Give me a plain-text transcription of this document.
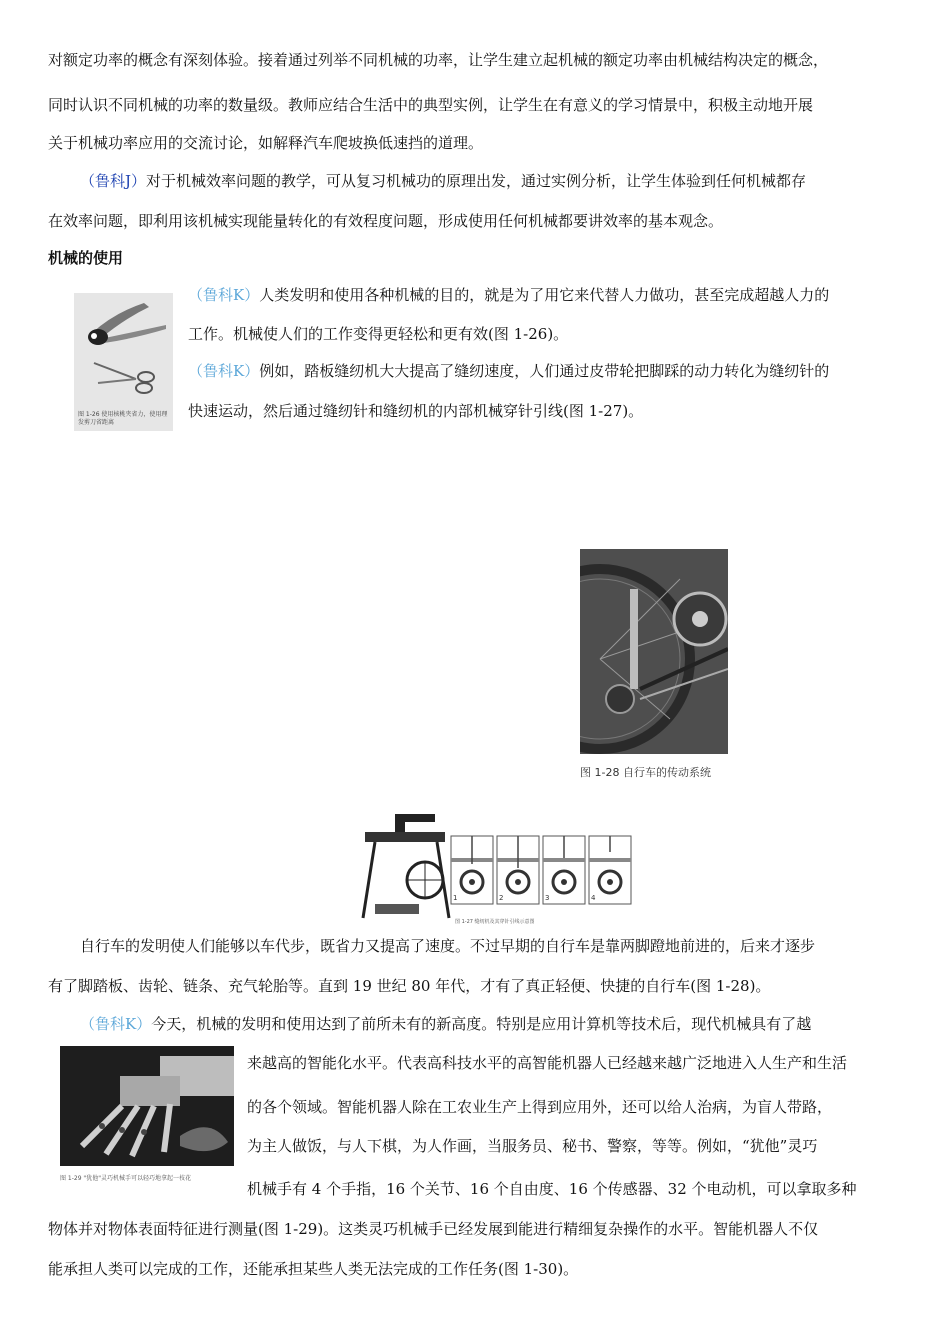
对额定功率的概念有深刻体验。接着通过列举不同机械的功率，让学生建立起机械的额定功率由机械结构决定的概念，
同时认识不同机械的功率的数量级。教师应结合生活中的典型实例，让学生在有意义的学习情景中，积极主动地开展
关于机械功率应用的交流讨论，如解释汽车爬坡换低速挡的道理。
（鲁科J）对于机械效率问题的教学，可从复习机械功的原理出发，通过实例分析，让学生体验到任何机械都存
在效率问题，即利用该机械实现能量转化的有效程度问题，形成使用任何机械都要讲效率的基本观念。
机械的使用
图 1-26 使用核桃夹省力，使用理发剪刀省距离
（鲁科K）人类发明和使用各种机械的目的，就是为了用它来代替人力做功，甚至完成超越人力的
工作。机械使人们的工作变得更轻松和更有效(图 1-26)。
（鲁科K）例如，踏板缝纫机大大提高了缝纫速度，人们通过皮带轮把脚踩的动力转化为缝纫针的
快速运动，然后通过缝纫针和缝纫机的内部机械穿针引线(图 1-27)。
图 1-28 自行车的传动系统
1	2	3	4
图 1-27 缝纫机及其穿针引线示意图
自行车的发明使人们能够以车代步，既省力又提高了速度。不过早期的自行车是靠两脚蹬地前进的，后来才逐步
有了脚踏板、齿轮、链条、充气轮胎等。直到 19 世纪 80 年代，才有了真正轻便、快捷的自行车(图 1-28)。
（鲁科K）今天，机械的发明和使用达到了前所未有的新高度。特别是应用计算机等技术后，现代机械具有了越
图 1-29 "犹他"灵巧机械手可以轻巧地拿起一枝花
来越高的智能化水平。代表高科技水平的高智能机器人已经越来越广泛地进入人生产和生活
的各个领域。智能机器人除在工农业生产上得到应用外，还可以给人治病，为盲人带路，
为主人做饭，与人下棋，为人作画，当服务员、秘书、警察，等等。例如，“犹他”灵巧
机械手有 4 个手指，16 个关节、16 个自由度、16 个传感器、32 个电动机，可以拿取多种
物体并对物体表面特征进行测量(图 1-29)。这类灵巧机械手已经发展到能进行精细复杂操作的水平。智能机器人不仅
能承担人类可以完成的工作，还能承担某些人类无法完成的工作任务(图 1-30)。
